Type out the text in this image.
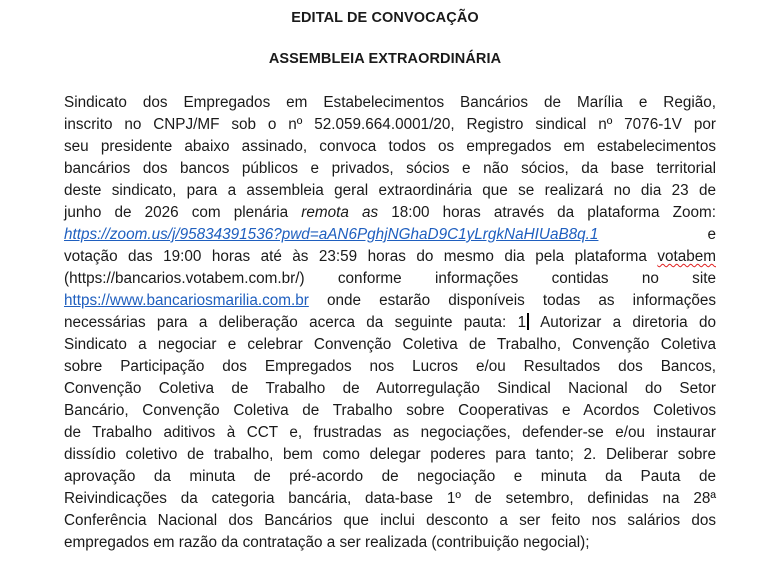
EDITAL DE CONVOCAÇÃO
ASSEMBLEIA EXTRAORDINÁRIA
Sindicato dos Empregados em Estabelecimentos Bancários de Marília e Região,
inscrito no CNPJ/MF sob o nº 52.059.664.0001/20, Registro sindical nº 7076-1V por
seu presidente abaixo assinado, convoca todos os empregados em estabelecimentos
bancários dos bancos públicos e privados, sócios e não sócios, da base territorial
deste sindicato, para a assembleia geral extraordinária que se realizará no dia 23 de
junho de 2026 com plenária remota as 18:00 horas através da plataforma Zoom:
https://zoom.us/j/95834391536?pwd=aAN6PghjNGhaD9C1yLrgkNaHIUaB8q.1	e
votação das 19:00 horas até às 23:59 horas do mesmo dia pela plataforma votabem
(https://bancarios.votabem.com.br/) conforme informações contidas no site
https://www.bancariosmarilia.com.br onde estarão disponíveis todas as informações
necessárias para a deliberação acerca da seguinte pauta: 1 Autorizar a diretoria do
Sindicato a negociar e celebrar Convenção Coletiva de Trabalho, Convenção Coletiva
sobre Participação dos Empregados nos Lucros e/ou Resultados dos Bancos,
Convenção Coletiva de Trabalho de Autorregulação Sindical Nacional do Setor
Bancário, Convenção Coletiva de Trabalho sobre Cooperativas e Acordos Coletivos
de Trabalho aditivos à CCT e, frustradas as negociações, defender-se e/ou instaurar
dissídio coletivo de trabalho, bem como delegar poderes para tanto; 2. Deliberar sobre
aprovação da minuta de pré-acordo de negociação e minuta da Pauta de
Reivindicações da categoria bancária, data-base 1º de setembro, definidas na 28ª
Conferência Nacional dos Bancários que inclui desconto a ser feito nos salários dos
empregados em razão da contratação a ser realizada (contribuição negocial);
